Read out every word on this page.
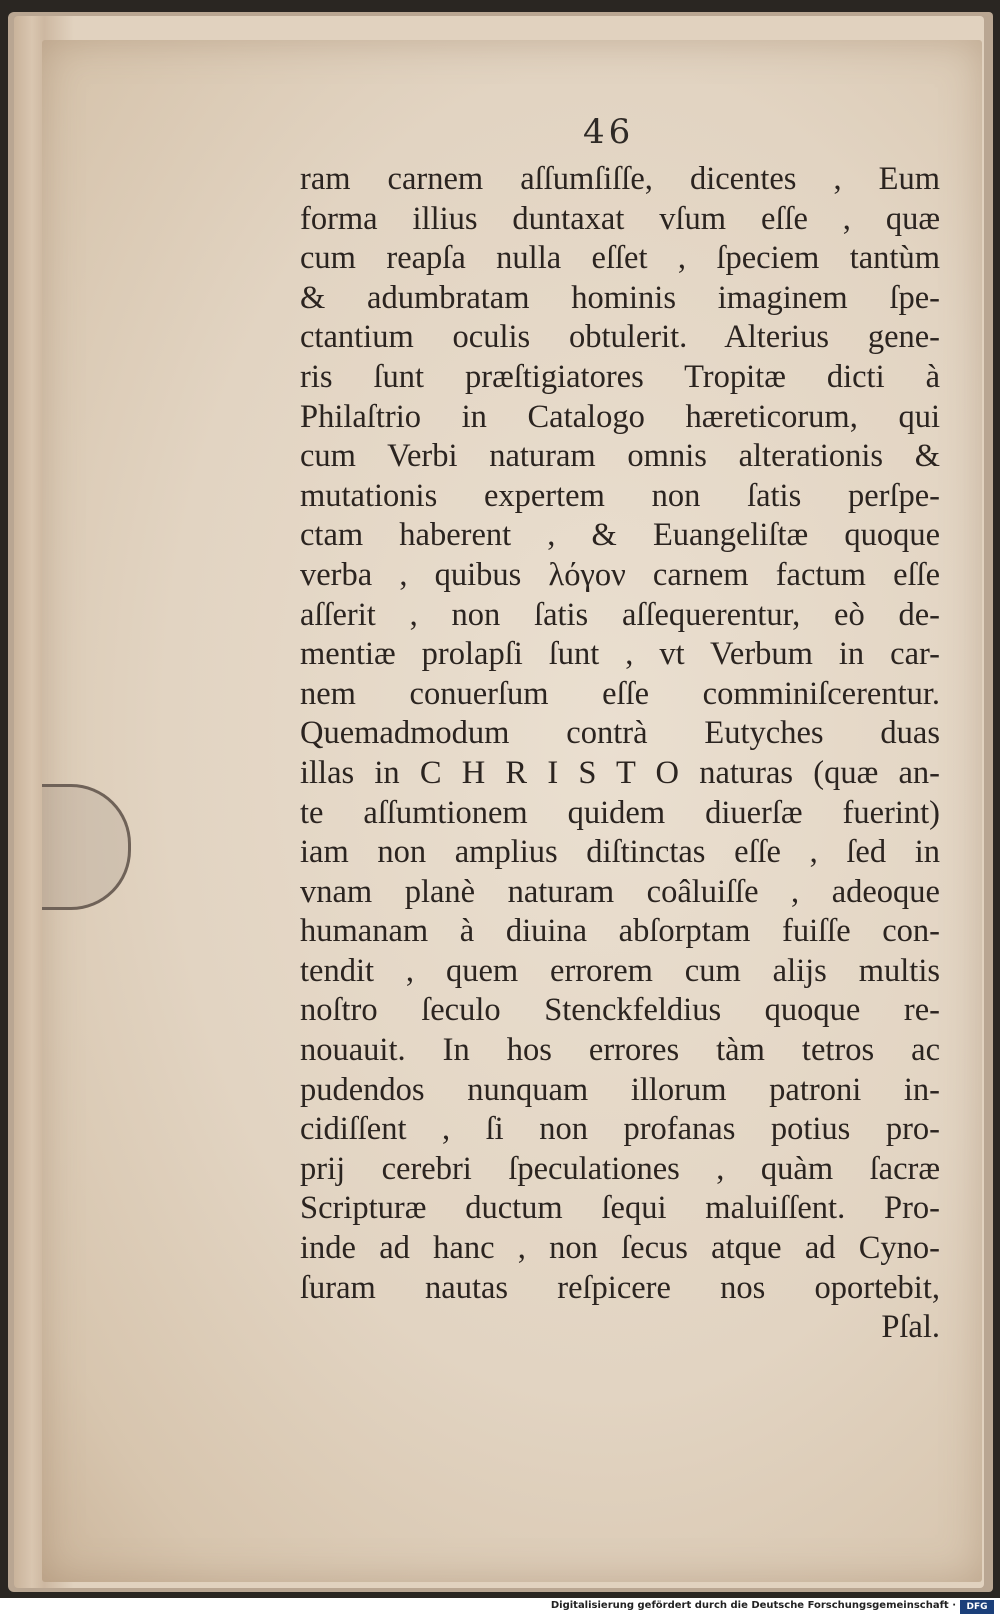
46
ram carnem aſſumſiſſe, dicentes , Eum
forma illius duntaxat vſum eſſe , quæ
cum reapſa nulla eſſet , ſpeciem tantùm
& adumbratam hominis imaginem ſpe-
ctantium oculis obtulerit. Alterius gene-
ris ſunt præſtigiatores Tropitæ dicti à
Philaſtrio in Catalogo hæreticorum, qui
cum Verbi naturam omnis alterationis &
mutationis expertem non ſatis perſpe-
ctam haberent , & Euangeliſtæ quoque
verba , quibus λόγον carnem factum eſſe
aſſerit , non ſatis aſſequerentur, eò de-
mentiæ prolapſi ſunt , vt Verbum in car-
nem conuerſum eſſe comminiſcerentur.
Quemadmodum contrà Eutyches duas
illas in C H R I S T O naturas (quæ an-
te aſſumtionem quidem diuerſæ fuerint)
iam non amplius diſtinctas eſſe , ſed in
vnam planè naturam coâluiſſe , adeoque
humanam à diuina abſorptam fuiſſe con-
tendit , quem errorem cum alijs multis
noſtro ſeculo Stenckfeldius quoque re-
nouauit. In hos errores tàm tetros ac
pudendos nunquam illorum patroni in-
cidiſſent , ſi non profanas potius pro-
prij cerebri ſpeculationes , quàm ſacræ
Scripturæ ductum ſequi maluiſſent. Pro-
inde ad hanc , non ſecus atque ad Cyno-
ſuram nautas reſpicere nos oportebit,
Pſal.
Digitalisierung gefördert durch die Deutsche Forschungsgemeinschaft ·	DFG
